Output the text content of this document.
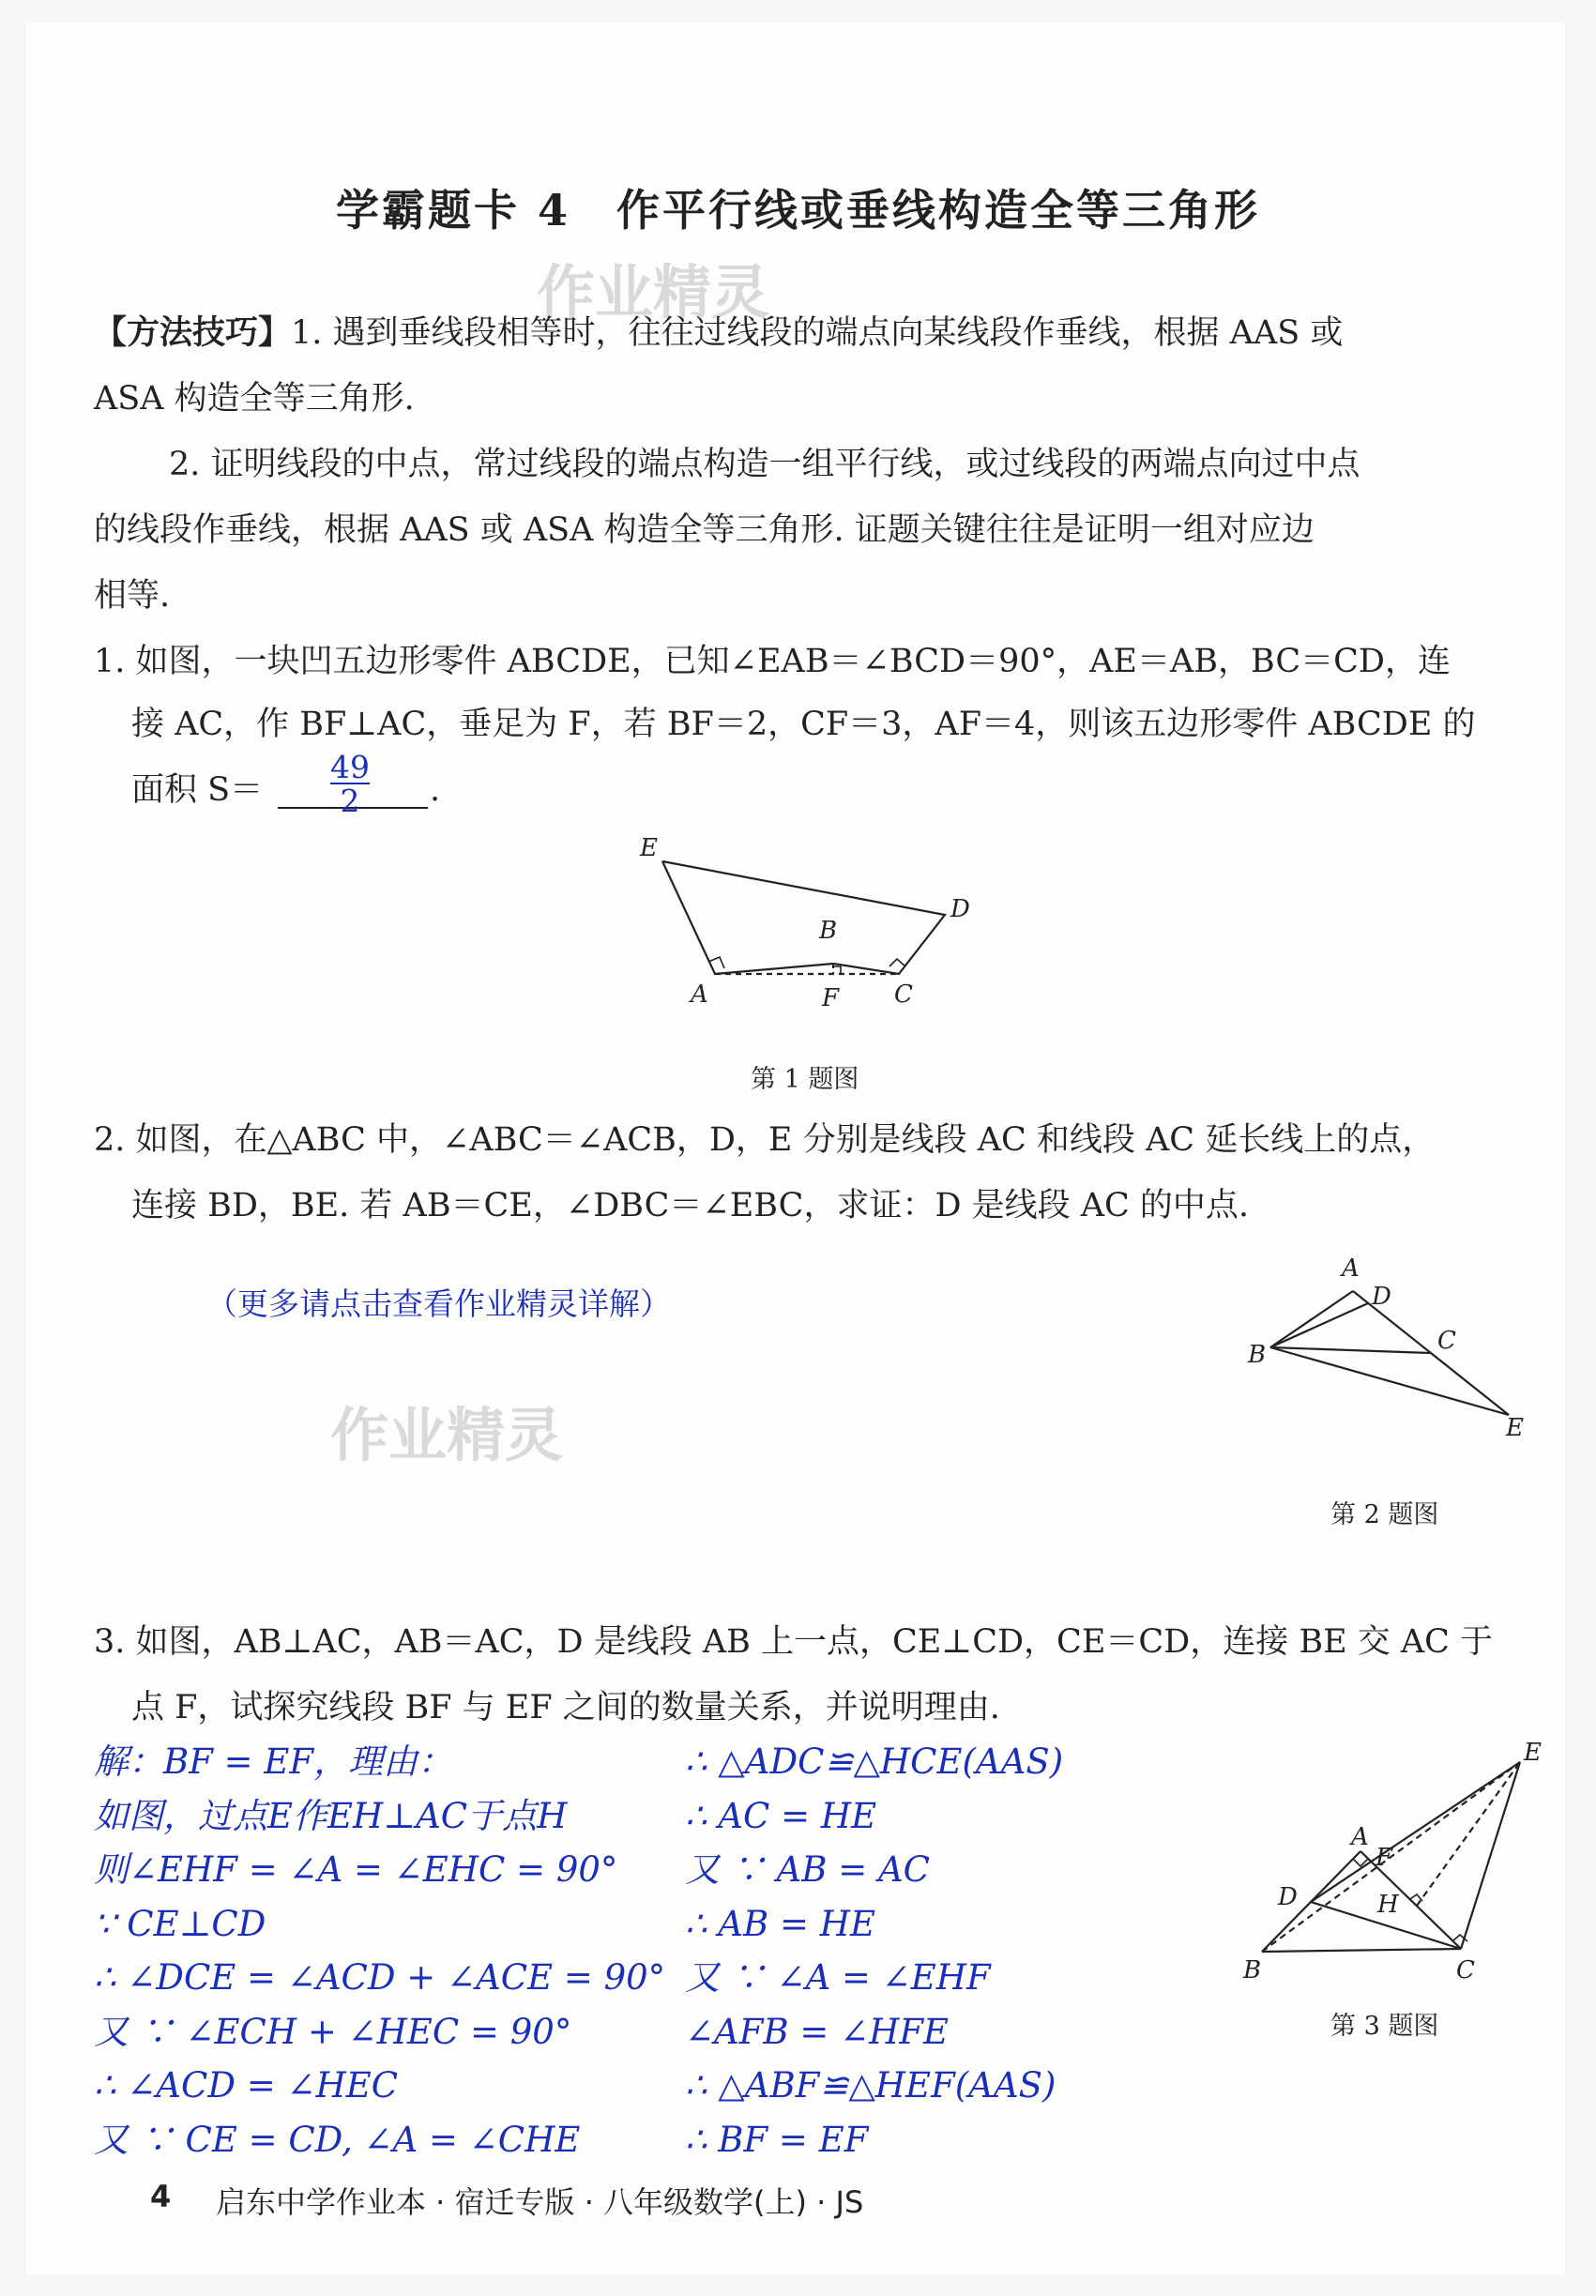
作业精灵
作业精灵
学霸题卡 4　作平行线或垂线构造全等三角形
【方法技巧】1. 遇到垂线段相等时，往往过线段的端点向某线段作垂线，根据 AAS 或
ASA 构造全等三角形.
2. 证明线段的中点，常过线段的端点构造一组平行线，或过线段的两端点向过中点
的线段作垂线，根据 AAS 或 ASA 构造全等三角形. 证题关键往往是证明一组对应边
相等.
1. 如图，一块凹五边形零件 ABCDE，已知∠EAB＝∠BCD＝90°，AE＝AB，BC＝CD，连
接 AC，作 BF⊥AC，垂足为 F，若 BF＝2，CF＝3，AF＝4，则该五边形零件 ABCDE 的
面积 S＝
49
2	.
E
B
D
A	F C
第 1 题图
2. 如图，在△ABC 中，∠ABC＝∠ACB，D，E 分别是线段 AC 和线段 AC 延长线上的点，
连接 BD，BE. 若 AB＝CE，∠DBC＝∠EBC，求证：D 是线段 AC 的中点.
（更多请点击查看作业精灵详解）
A
D
C
B
E
第 2 题图
3. 如图，AB⊥AC，AB＝AC，D 是线段 AB 上一点，CE⊥CD，CE＝CD，连接 BE 交 AC 于
点 F，试探究线段 BF 与 EF 之间的数量关系，并说明理由.
解：BF = EF，理由：
如图，过点E作EH⊥AC于点H
则∠EHF = ∠A = ∠EHC = 90°
∵ CE⊥CD
∴ ∠DCE = ∠ACD + ∠ACE = 90°
又 ∵ ∠ECH + ∠HEC = 90°
∴ ∠ACD = ∠HEC
又 ∵ CE = CD, ∠A = ∠CHE
∴ △ADC≌△HCE(AAS)
∴ AC = HE
又 ∵ AB = AC
∴ AB = HE
又 ∵ ∠A = ∠EHF
∠AFB = ∠HFE
∴ △ABF≌△HEF(AAS)
∴ BF = EF
E
A
F
D	H
B	C
第 3 题图
4 启东中学作业本 · 宿迁专版 · 八年级数学(上) · JS
